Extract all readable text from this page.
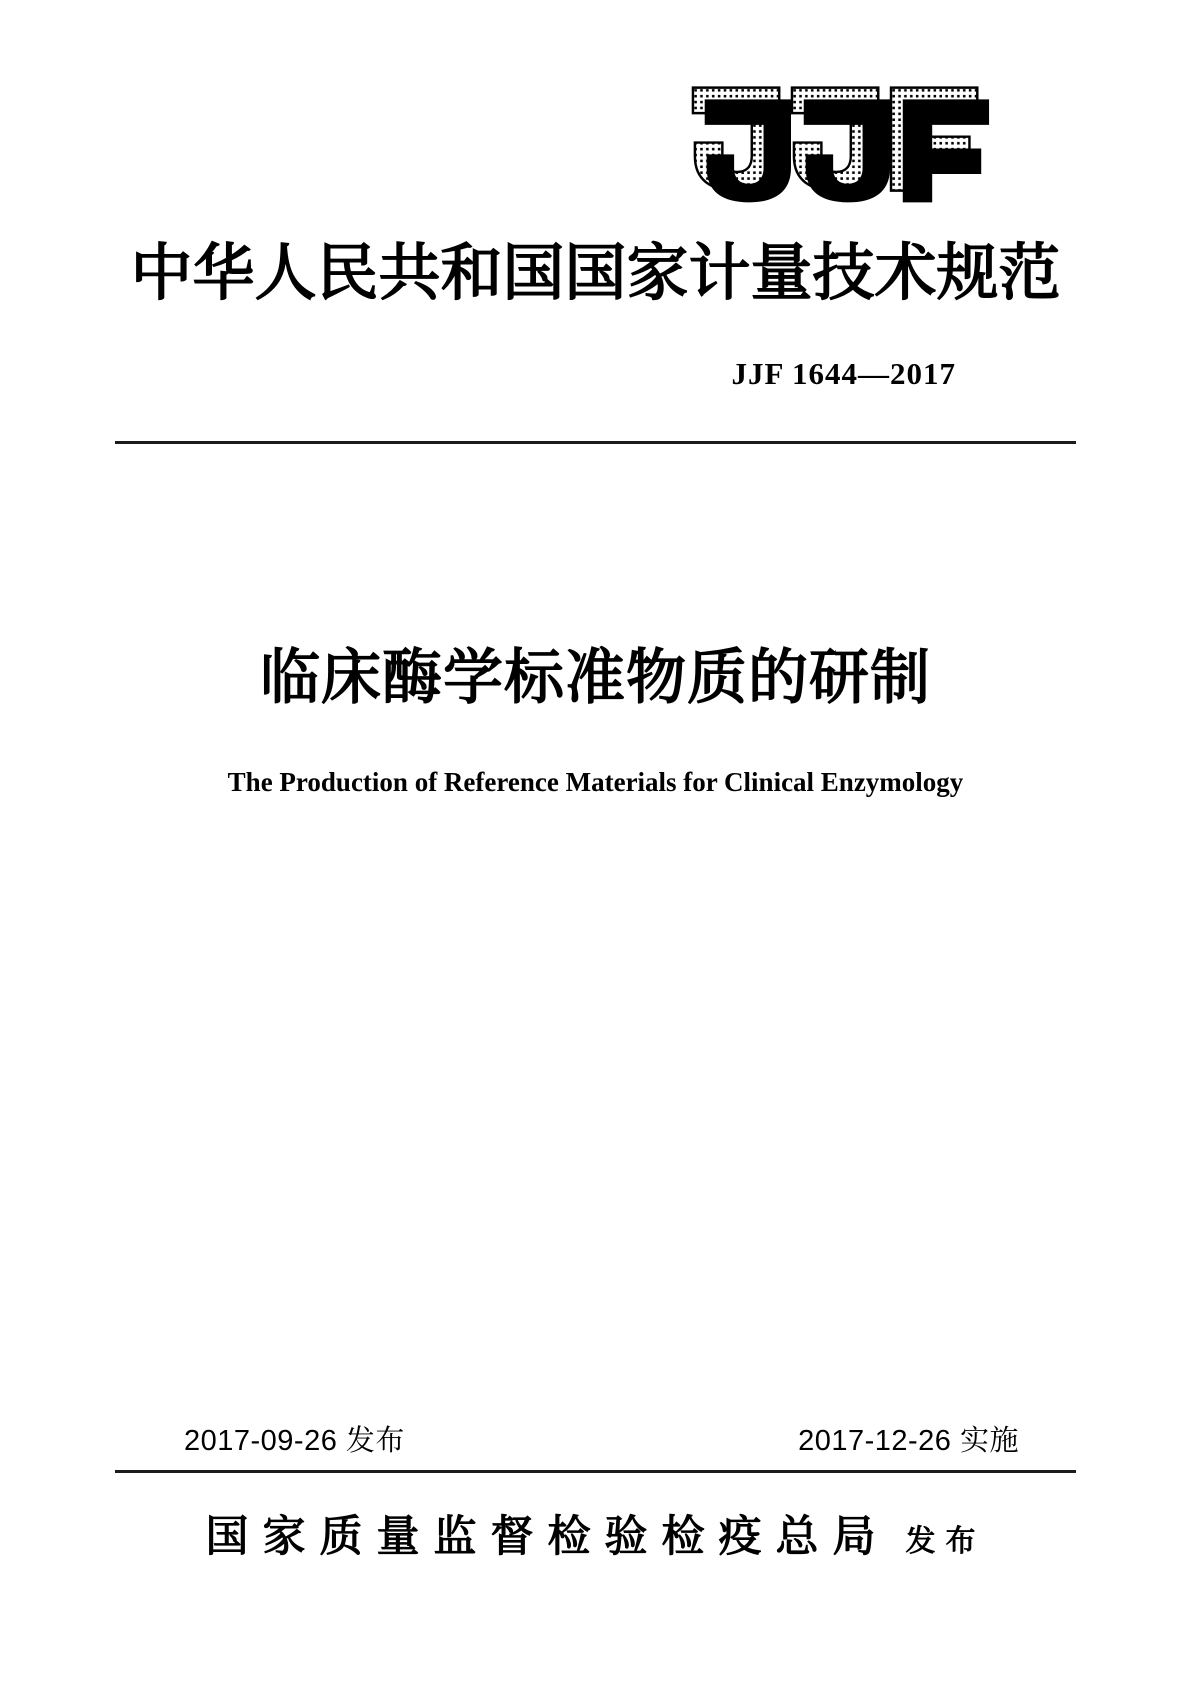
中华人民共和国国家计量技术规范
JJF 1644—2017
临床酶学标准物质的研制
The Production of Reference Materials for Clinical Enzymology
2017-09-26 发布	2017-12-26 实施
国家质量监督检验检疫总局 发布
